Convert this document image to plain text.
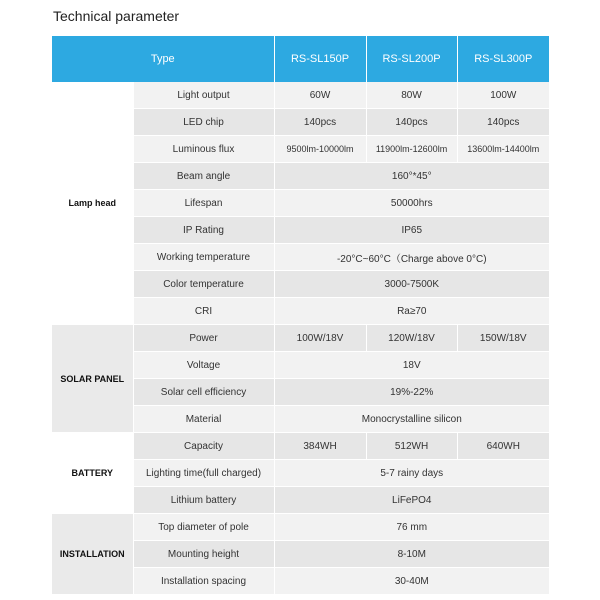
Technical parameter
Type		RS-SL150P	RS-SL200P	RS-SL300P
Lamp head	Light output	60W	80W	100W
	LED chip	140pcs	140pcs	140pcs
	Luminous flux	9500lm-10000lm	11900lm-12600lm	13600lm-14400lm
	Beam angle	160°*45°		
	Lifespan	50000hrs		
	IP Rating	IP65		
	Working temperature	-20°C~60°C（Charge above 0°C)		
	Color temperature	3000-7500K		
	CRI	Ra≥70		
SOLAR PANEL	Power	100W/18V	120W/18V	150W/18V
	Voltage	18V		
	Solar cell efficiency	19%-22%		
	Material	Monocrystalline silicon		
BATTERY	Capacity	384WH	512WH	640WH
	Lighting time(full charged)	5-7 rainy days		
	Lithium battery	LiFePO4		
INSTALLATION	Top diameter of pole	76 mm		
	Mounting height	8-10M		
	Installation spacing	30-40M		
